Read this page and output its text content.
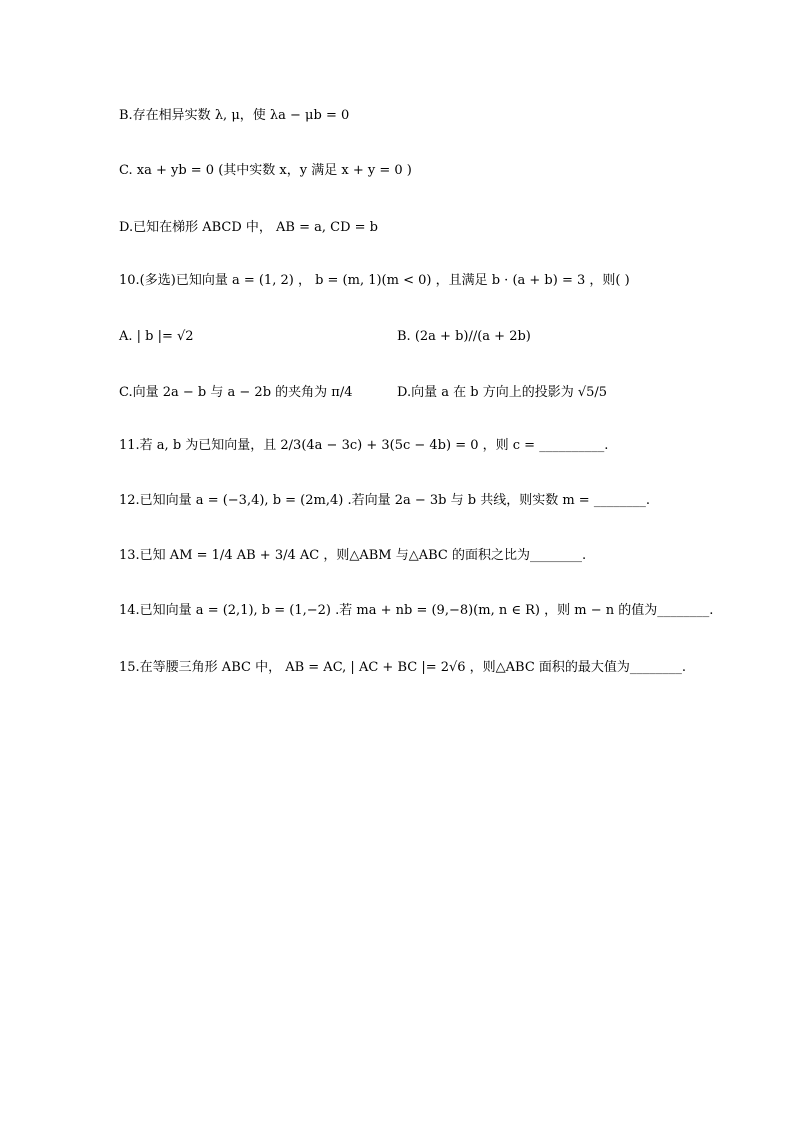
B.存在相异实数 λ, μ，使 λa − μb = 0
C. xa + yb = 0 (其中实数 x，y 满足 x + y = 0 )
D.已知在梯形 ABCD 中， AB = a, CD = b
10.(多选)已知向量 a = (1, 2) ， b = (m, 1)(m < 0) ，且满足 b · (a + b) = 3 ，则( )
A. | b |= √2	B. (2a + b)//(a + 2b)
C.向量 2a − b 与 a − 2b 的夹角为 π/4	D.向量 a 在 b 方向上的投影为 √5/5
11.若 a, b 为已知向量，且 2/3(4a − 3c) + 3(5c − 4b) = 0 ，则 c = __________.
12.已知向量 a = (−3,4), b = (2m,4) .若向量 2a − 3b 与 b 共线，则实数 m = ________.
13.已知 AM = 1/4 AB + 3/4 AC ，则△ABM 与△ABC 的面积之比为________.
14.已知向量 a = (2,1), b = (1,−2) .若 ma + nb = (9,−8)(m, n ∈ R) ，则 m − n 的值为________.
15.在等腰三角形 ABC 中， AB = AC, | AC + BC |= 2√6 ，则△ABC 面积的最大值为________.
